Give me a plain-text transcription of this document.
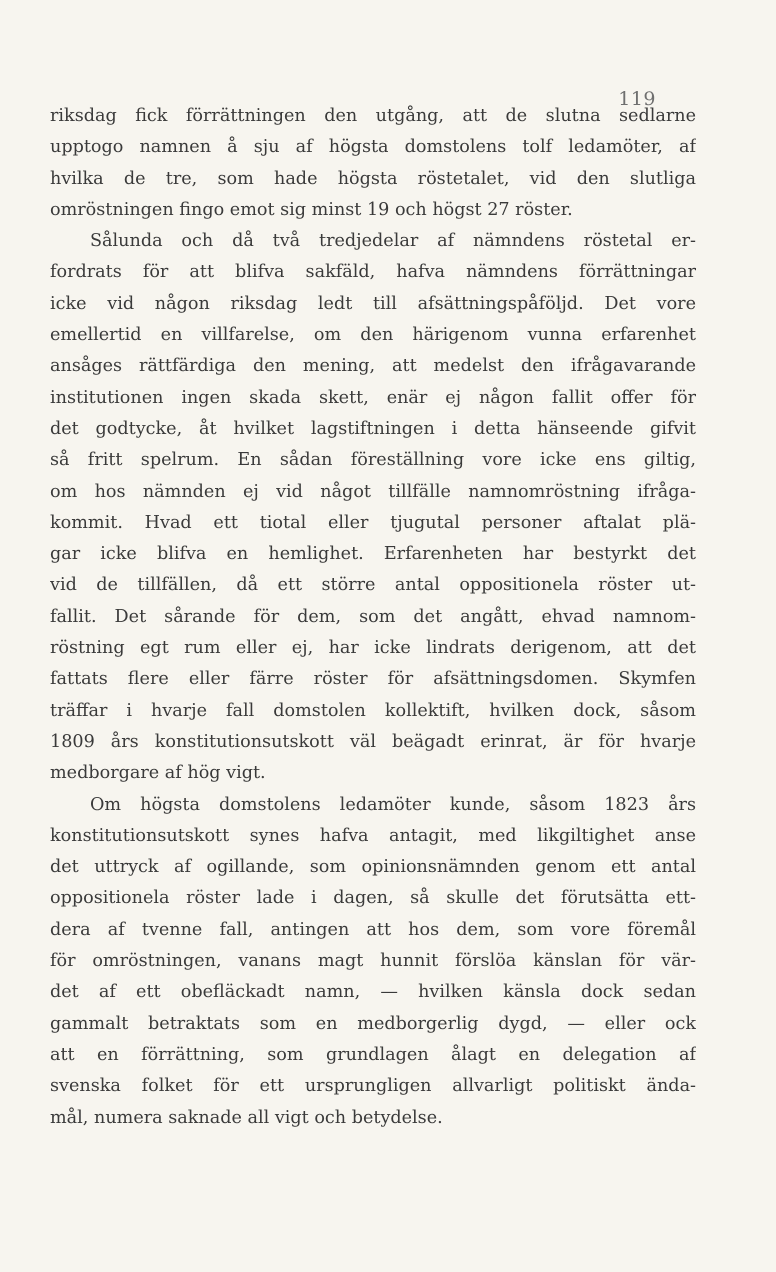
119
riksdag fick förrättningen den utgång, att de slutna sedlarne
upptogo namnen å sju af högsta domstolens tolf ledamöter, af
hvilka de tre, som hade högsta röstetalet, vid den slutliga
omröstningen fingo emot sig minst 19 och högst 27 röster.
Sålunda och då två tredjedelar af nämndens röstetal er-
fordrats för att blifva sakfäld, hafva nämndens förrättningar
icke vid någon riksdag ledt till afsättningspåföljd. Det vore
emellertid en villfarelse, om den härigenom vunna erfarenhet
ansåges rättfärdiga den mening, att medelst den ifrågavarande
institutionen ingen skada skett, enär ej någon fallit offer för
det godtycke, åt hvilket lagstiftningen i detta hänseende gifvit
så fritt spelrum. En sådan föreställning vore icke ens giltig,
om hos nämnden ej vid något tillfälle namnomröstning ifråga-
kommit. Hvad ett tiotal eller tjugutal personer aftalat plä-
gar icke blifva en hemlighet. Erfarenheten har bestyrkt det
vid de tillfällen, då ett större antal oppositionela röster ut-
fallit. Det sårande för dem, som det angått, ehvad namnom-
röstning egt rum eller ej, har icke lindrats derigenom, att det
fattats flere eller färre röster för afsättningsdomen. Skymfen
träffar i hvarje fall domstolen kollektift, hvilken dock, såsom
1809 års konstitutionsutskott väl beägadt erinrat, är för hvarje
medborgare af hög vigt.
Om högsta domstolens ledamöter kunde, såsom 1823 års
konstitutionsutskott synes hafva antagit, med likgiltighet anse
det uttryck af ogillande, som opinionsnämnden genom ett antal
oppositionela röster lade i dagen, så skulle det förutsätta ett-
dera af tvenne fall, antingen att hos dem, som vore föremål
för omröstningen, vanans magt hunnit förslöa känslan för vär-
det af ett obefläckadt namn, — hvilken känsla dock sedan
gammalt betraktats som en medborgerlig dygd, — eller ock
att en förrättning, som grundlagen ålagt en delegation af
svenska folket för ett ursprungligen allvarligt politiskt ända-
mål, numera saknade all vigt och betydelse.
